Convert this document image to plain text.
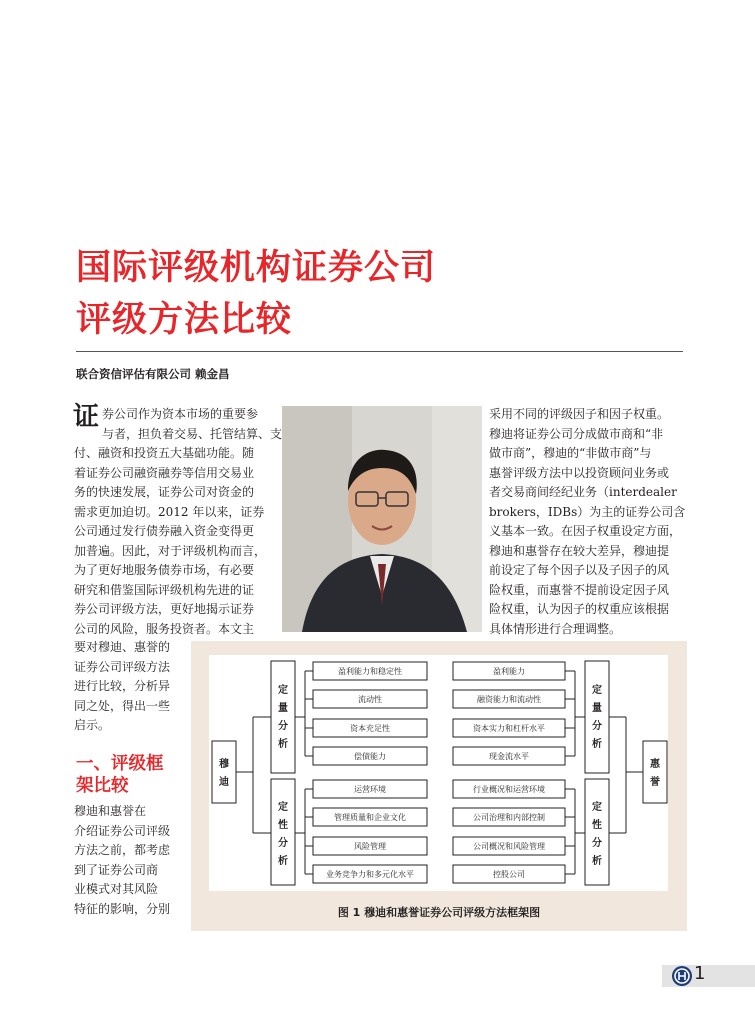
国际评级机构证券公司
评级方法比较
联合资信评估有限公司 赖金昌
证 券公司作为资本市场的重要参

与者，担负着交易、托管结算、支

付、融资和投资五大基础功能。随

着证券公司融资融券等信用交易业

务的快速发展，证券公司对资金的

需求更加迫切。2012 年以来，证券

公司通过发行债券融入资金变得更

加普遍。因此，对于评级机构而言，

为了更好地服务债券市场，有必要

研究和借鉴国际评级机构先进的证

券公司评级方法，更好地揭示证券

公司的风险，服务投资者。本文主

采用不同的评级因子和因子权重。

穆迪将证券公司分成做市商和“非

做市商”，穆迪的“非做市商”与

惠誉评级方法中以投资顾问业务或

者交易商间经纪业务（interdealer

brokers，IDBs）为主的证券公司含

义基本一致。在因子权重设定方面，

穆迪和惠誉存在较大差异，穆迪提

前设定了每个因子以及子因子的风

险权重，而惠誉不提前设定因子风

险权重，认为因子的权重应该根据

具体情形进行合理调整。

要对穆迪、惠誉的

证券公司评级方法

进行比较，分析异

同之处，得出一些

启示。

一、评级框
架比较

穆迪和惠誉在

介绍证券公司评级

方法之前，都考虑

到了证券公司商

业模式对其风险

特征的影响，分别

盈利能力和稳定性
流动性
资本充足性
偿债能力
运营环境
管理质量和企业文化
风险管理
业务竞争力和多元化水平
盈利能力
融资能力和流动性
资本实力和杠杆水平
现金流水平
行业概况和运营环境
公司治理和内部控制
公司概况和风险管理
控股公司
穆
迪
惠
誉
定
量
分
析
定
性
分
析
定
量
分
析
定
性
分
析
图 1 穆迪和惠誉证券公司评级方法框架图
1
